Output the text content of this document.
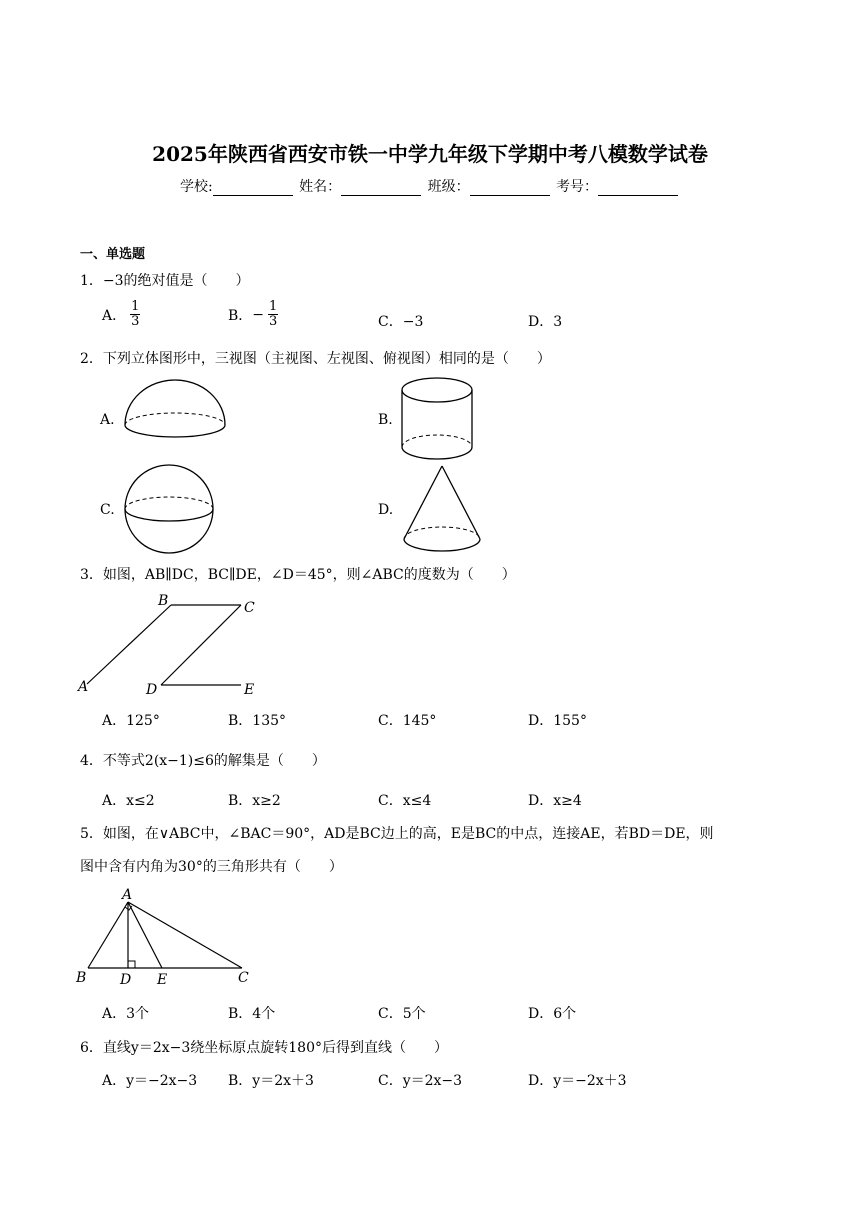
2025年陕西省西安市铁一中学九年级下学期中考八模数学试卷
学校:	姓名：	班级：	考号：
一、单选题
1．−3的绝对值是（　　）
A． $\frac{1}{3}$	B．− $\frac{1}{3}$	C．−3	D．3
2．下列立体图形中，三视图（主视图、左视图、俯视图）相同的是（　　）
A.	B.
C.	D.
3．如图，AB∥DC，BC∥DE，∠D＝45°，则∠ABC的度数为（　　）
A
B	C
D	E
A．125°	B．135°	C．145°	D．155°
4．不等式2(x−1)≤6的解集是（　　）
A．x≤2	B．x≥2	C．x≤4	D．x≥4
5．如图，在∨ABC中，∠BAC＝90°，AD是BC边上的高，E是BC的中点，连接AE，若BD＝DE，则
图中含有内角为30°的三角形共有（　　）
A
B	C
D E
A．3个	B．4个	C．5个	D．6个
6．直线y＝2x−3绕坐标原点旋转180°后得到直线（　　）
A．y＝−2x−3 B．y＝2x＋3	C．y＝2x−3	D．y＝−2x＋3
